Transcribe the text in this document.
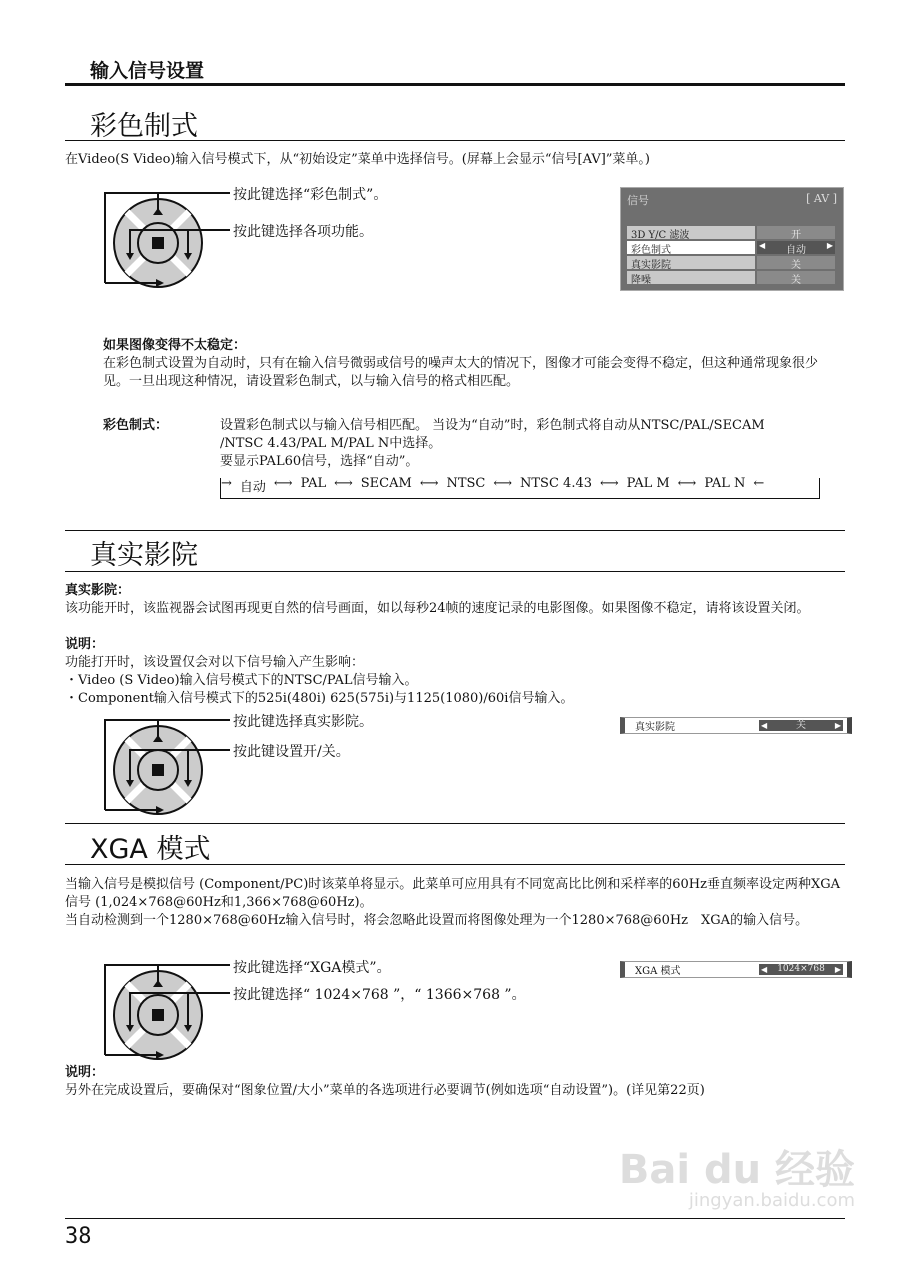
输入信号设置
彩色制式
在Video(S Video)输入信号模式下，从“初始设定”菜单中选择信号。(屏幕上会显示“信号[AV]”菜单。)
按此键选择“彩色制式”。
按此键选择各项功能。
信号	[ AV ]
3D Y/C 滤波	开
彩色制式	◀ 自动	▶
真实影院	关
降噪	关
如果图像变得不太稳定：
在彩色制式设置为自动时，只有在输入信号微弱或信号的噪声太大的情况下，图像才可能会变得不稳定，但这种通常现象很少见。一旦出现这种情况，请设置彩色制式，以与输入信号的格式相匹配。
彩色制式：	设置彩色制式以与输入信号相匹配。 当设为“自动”时，彩色制式将自动从NTSC/PAL/SECAM
/NTSC 4.43/PAL M/PAL N中选择。
要显示PAL60信号，选择“自动”。
→ 自动 ⟷ PAL ⟷ SECAM ⟷ NTSC ⟷ NTSC 4.43 ⟷ PAL M ⟷ PAL N ←
真实影院
真实影院：
该功能开时，该监视器会试图再现更自然的信号画面，如以每秒24帧的速度记录的电影图像。如果图像不稳定，请将该设置关闭。
说明：
功能打开时，该设置仅会对以下信号输入产生影响：
・Video (S Video)输入信号模式下的NTSC/PAL信号输入。
・Component输入信号模式下的525i(480i) 625(575i)与1125(1080)/60i信号输入。
按此键选择真实影院。
按此键设置开/关。
真实影院	◀	关	▶
XGA 模式
当输入信号是模拟信号 (Component/PC)时该菜单将显示。此菜单可应用具有不同宽高比比例和采样率的60Hz垂直频率设定两种XGA信号 (1,024×768@60Hz和1,366×768@60Hz)。
当自动检测到一个1280×768@60Hz输入信号时，将会忽略此设置而将图像处理为一个1280×768@60Hz　XGA的输入信号。
按此键选择“XGA模式”。
按此键选择“ 1024×768 ”，“ 1366×768 ”。
XGA 模式	◀ 1024×768 ▶
说明：
另外在完成设置后，要确保对“图象位置/大小”菜单的各选项进行必要调节(例如选项“自动设置”)。(详见第22页)
Bai du 经验
jingyan.baidu.com
38
